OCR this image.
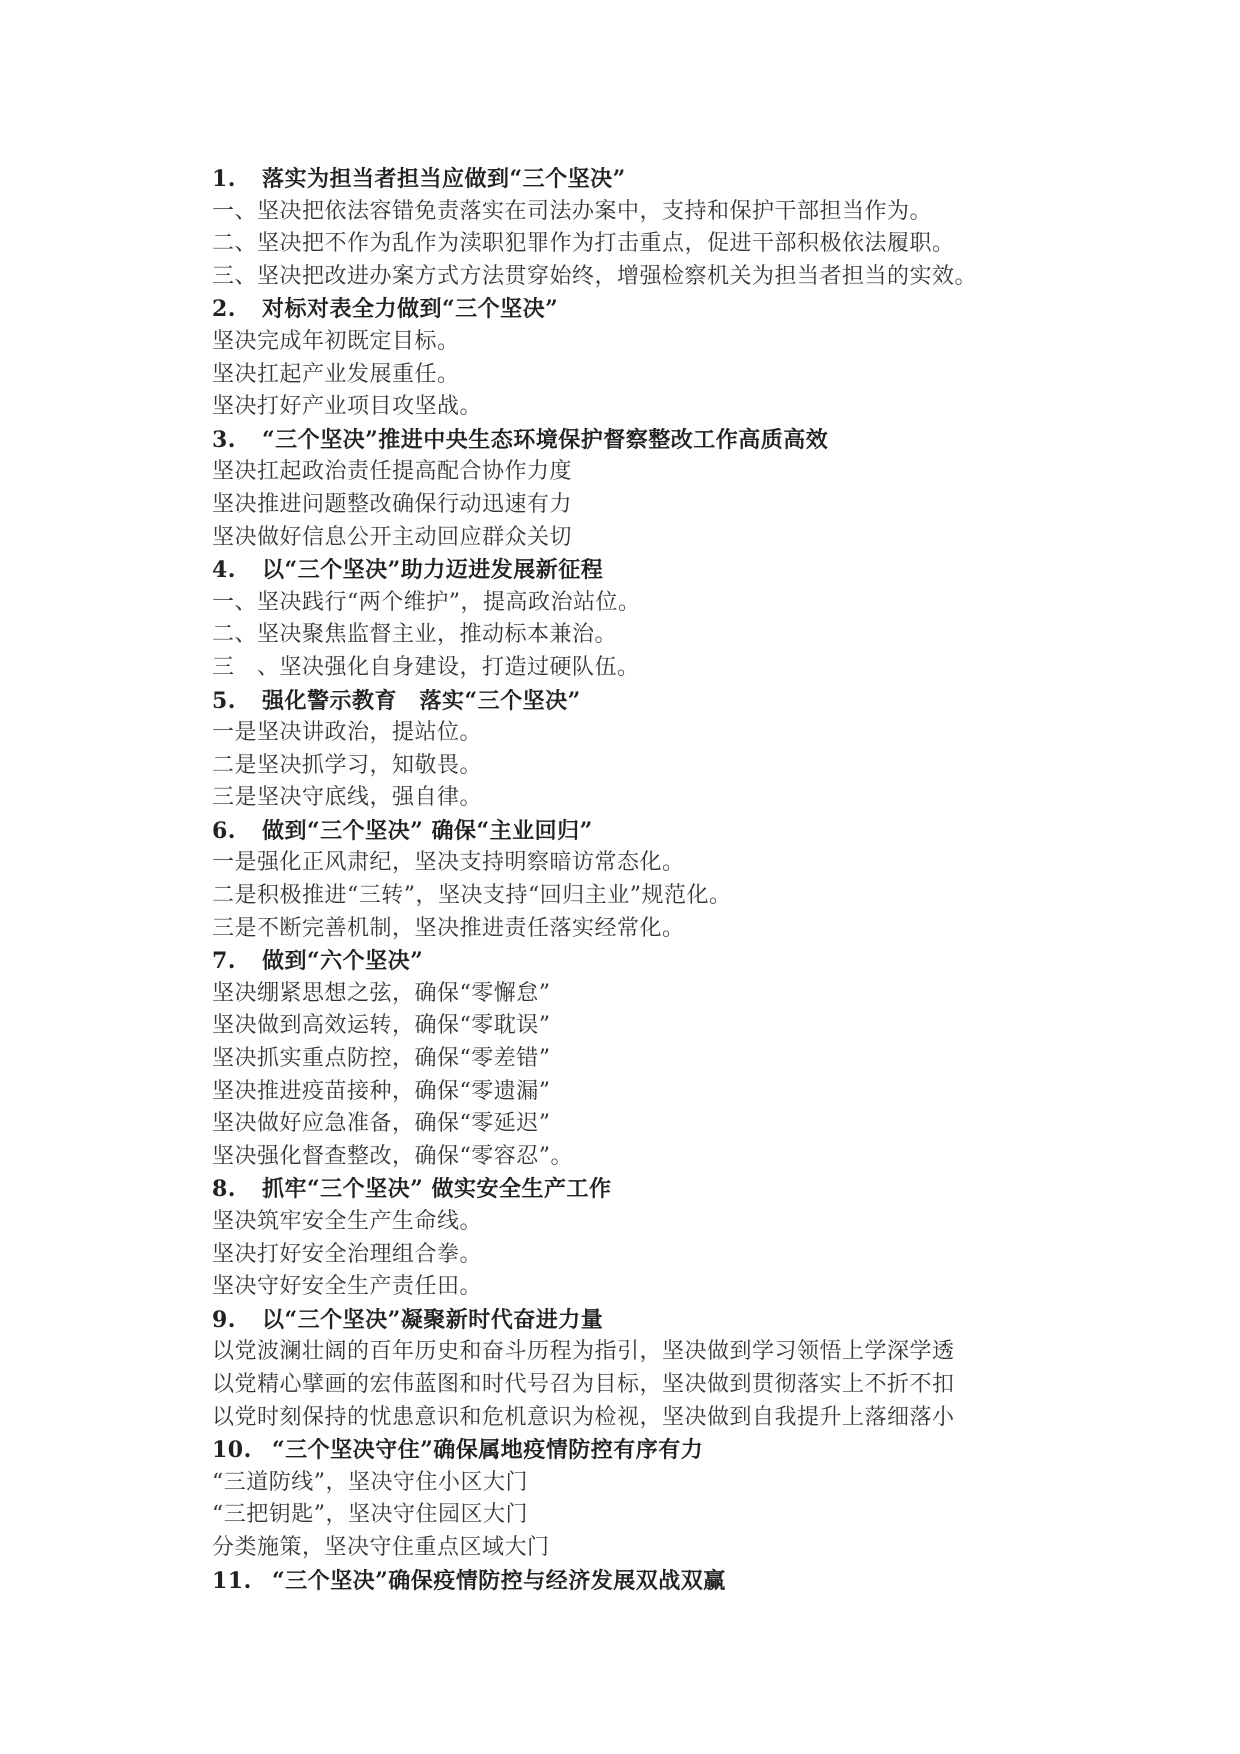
1. 落实为担当者担当应做到“三个坚决”
一、坚决把依法容错免责落实在司法办案中，支持和保护干部担当作为。
二、坚决把不作为乱作为渎职犯罪作为打击重点，促进干部积极依法履职。
三、坚决把改进办案方式方法贯穿始终，增强检察机关为担当者担当的实效。
2. 对标对表全力做到“三个坚决”
坚决完成年初既定目标。
坚决扛起产业发展重任。
坚决打好产业项目攻坚战。
3. “三个坚决”推进中央生态环境保护督察整改工作高质高效
坚决扛起政治责任提高配合协作力度
坚决推进问题整改确保行动迅速有力
坚决做好信息公开主动回应群众关切
4. 以“三个坚决”助力迈进发展新征程
一、坚决践行“两个维护”，提高政治站位。
二、坚决聚焦监督主业，推动标本兼治。
三　、坚决强化自身建设，打造过硬队伍。
5. 强化警示教育　落实“三个坚决”
一是坚决讲政治，提站位。
二是坚决抓学习，知敬畏。
三是坚决守底线，强自律。
6. 做到“三个坚决” 确保“主业回归”
一是强化正风肃纪，坚决支持明察暗访常态化。
二是积极推进“三转”，坚决支持“回归主业”规范化。
三是不断完善机制，坚决推进责任落实经常化。
7. 做到“六个坚决”
坚决绷紧思想之弦，确保“零懈怠”
坚决做到高效运转，确保“零耽误”
坚决抓实重点防控，确保“零差错”
坚决推进疫苗接种，确保“零遗漏”
坚决做好应急准备，确保“零延迟”
坚决强化督查整改，确保“零容忍”。
8. 抓牢“三个坚决” 做实安全生产工作
坚决筑牢安全生产生命线。
坚决打好安全治理组合拳。
坚决守好安全生产责任田。
9. 以“三个坚决”凝聚新时代奋进力量
以党波澜壮阔的百年历史和奋斗历程为指引，坚决做到学习领悟上学深学透
以党精心擘画的宏伟蓝图和时代号召为目标，坚决做到贯彻落实上不折不扣
以党时刻保持的忧患意识和危机意识为检视，坚决做到自我提升上落细落小
10. “三个坚决守住”确保属地疫情防控有序有力
“三道防线”，坚决守住小区大门
“三把钥匙”，坚决守住园区大门
分类施策，坚决守住重点区域大门
11. “三个坚决”确保疫情防控与经济发展双战双赢
